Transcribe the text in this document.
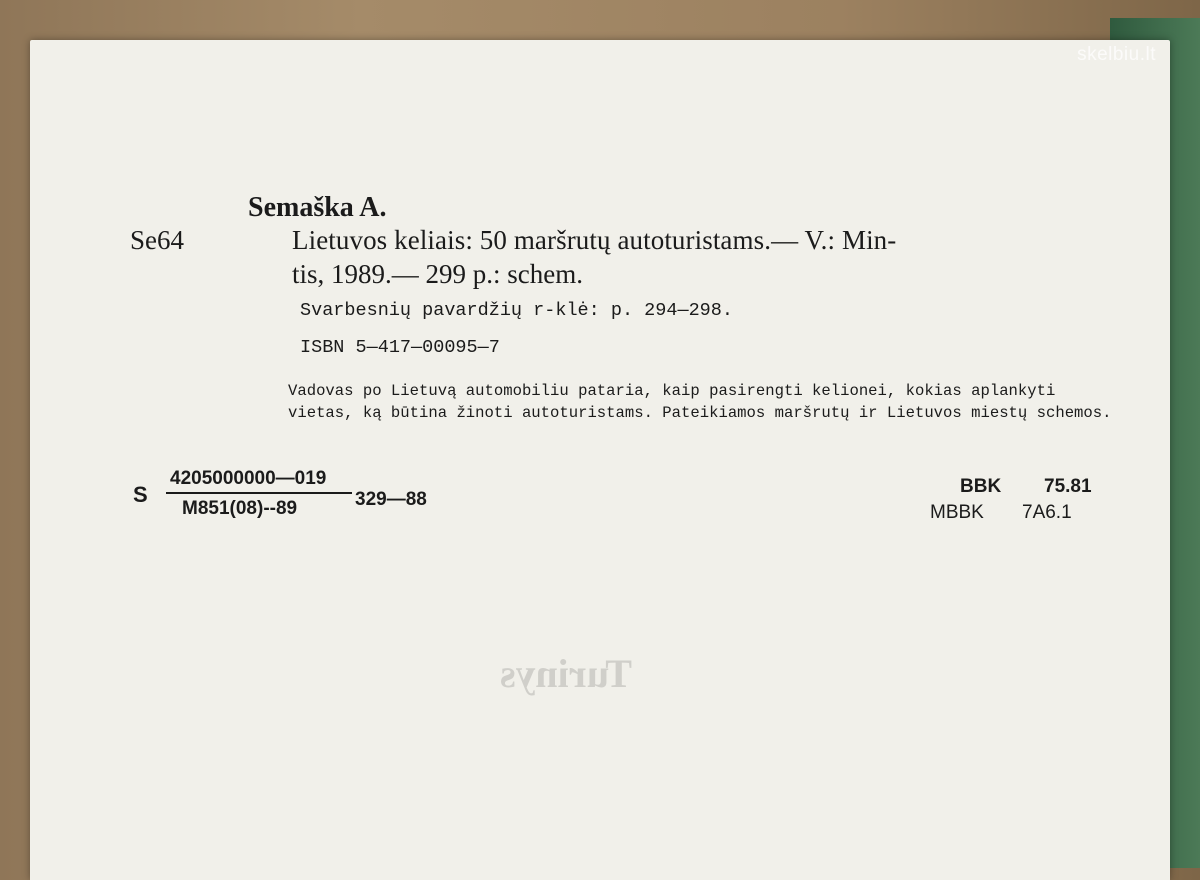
skelbiu.lt
Turinys
Semaška A.
Se64	Lietuvos keliais: 50 maršrutų autoturistams.— V.: Min-
tis, 1989.— 299 p.: schem.
Svarbesnių pavardžių r-klė: p. 294—298.
ISBN 5—417—00095—7
Vadovas po Lietuvą automobiliu pataria, kaip pasirengti kelionei, kokias aplankyti
vietas, ką būtina žinoti autoturistams. Pateikiamos maršrutų ir Lietuvos miestų schemos.
S
4205000000—019
M851(08)--89	329—88
BBK 75.81
MBBK 7A6.1
